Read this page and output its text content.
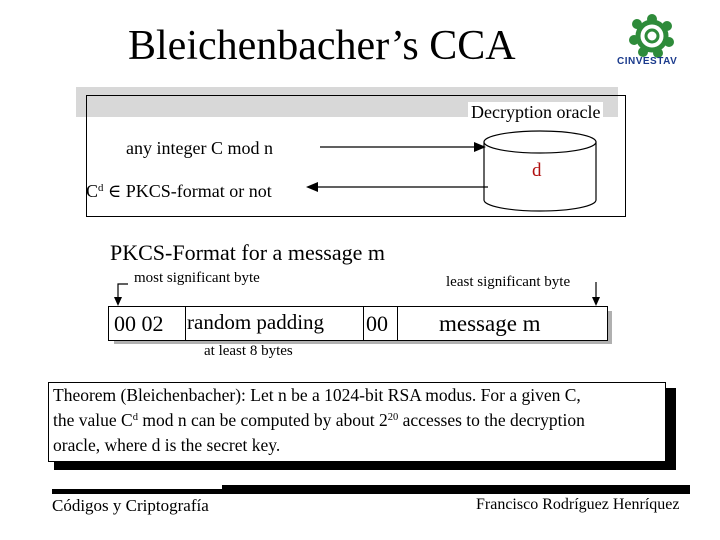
Bleichenbacher’s CCA	CINVESTAV
Decryption oracle
d
any integer C mod n
$C^d$ ∈ PKCS-format or not
PKCS-Format for a message m
most significant byte	least significant byte
00 02 random padding 00 message m
at least 8 bytes
Theorem (Bleichenbacher): Let n be a 1024-bit RSA modus. For a given C,
the value $C^d$ mod n can be computed by about $2^{20}$ accesses to the decryption
oracle, where d is the secret key.
Códigos y Criptografía	Francisco Rodríguez Henríquez
